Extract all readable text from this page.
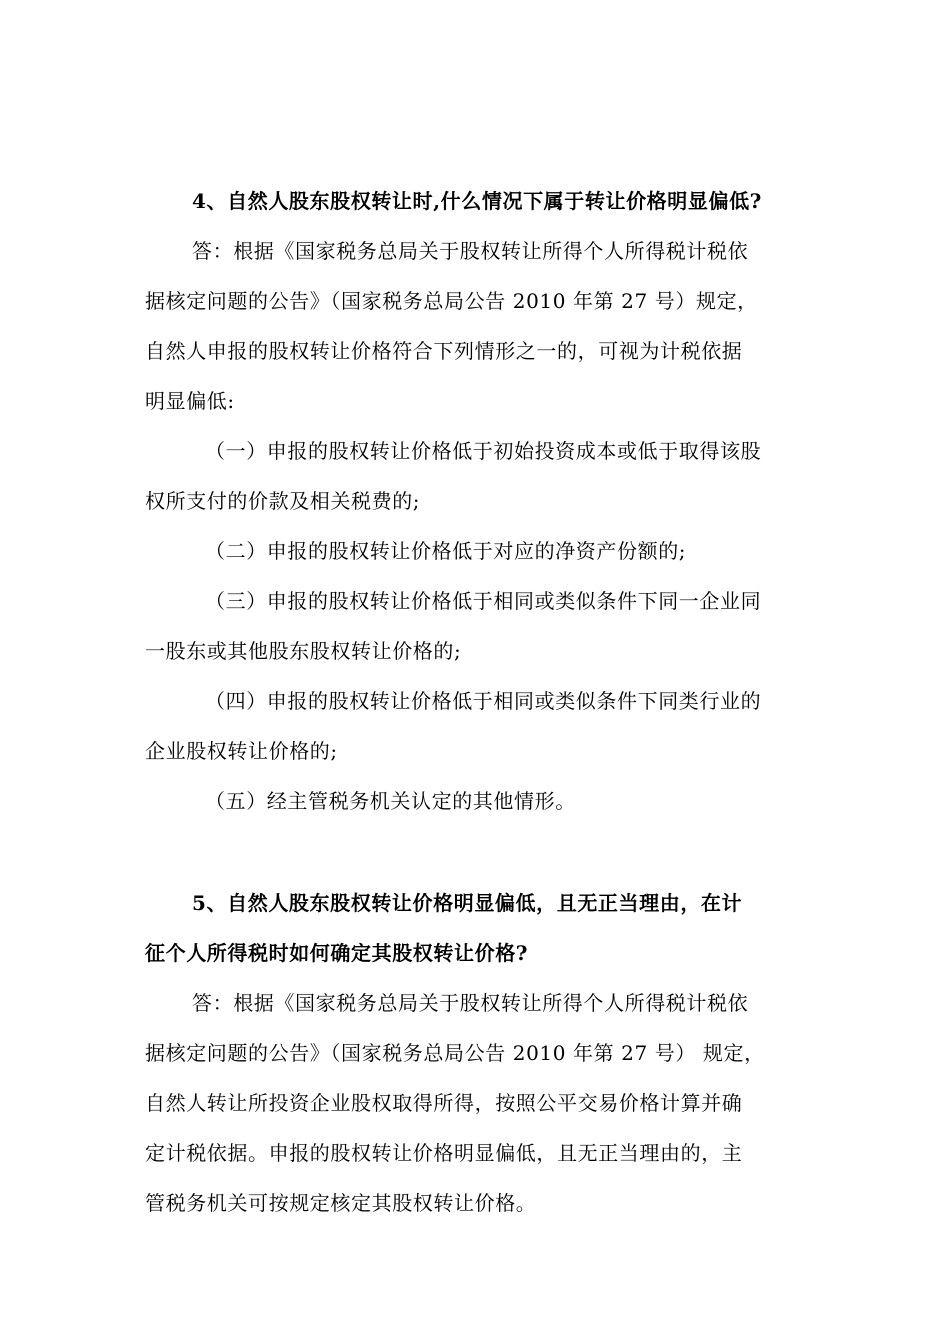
4、自然人股东股权转让时,什么情况下属于转让价格明显偏低?
答：根据《国家税务总局关于股权转让所得个人所得税计税依
据核定问题的公告》（国家税务总局公告 2010 年第 27 号）规定，
自然人申报的股权转让价格符合下列情形之一的，可视为计税依据
明显偏低:
（一）申报的股权转让价格低于初始投资成本或低于取得该股
权所支付的价款及相关税费的;
（二）申报的股权转让价格低于对应的净资产份额的;
（三）申报的股权转让价格低于相同或类似条件下同一企业同
一股东或其他股东股权转让价格的;
（四）申报的股权转让价格低于相同或类似条件下同类行业的
企业股权转让价格的;
（五）经主管税务机关认定的其他情形。
5、自然人股东股权转让价格明显偏低，且无正当理由，在计
征个人所得税时如何确定其股权转让价格?
答：根据《国家税务总局关于股权转让所得个人所得税计税依
据核定问题的公告》（国家税务总局公告 2010 年第 27 号） 规定，
自然人转让所投资企业股权取得所得，按照公平交易价格计算并确
定计税依据。申报的股权转让价格明显偏低，且无正当理由的，主
管税务机关可按规定核定其股权转让价格。
